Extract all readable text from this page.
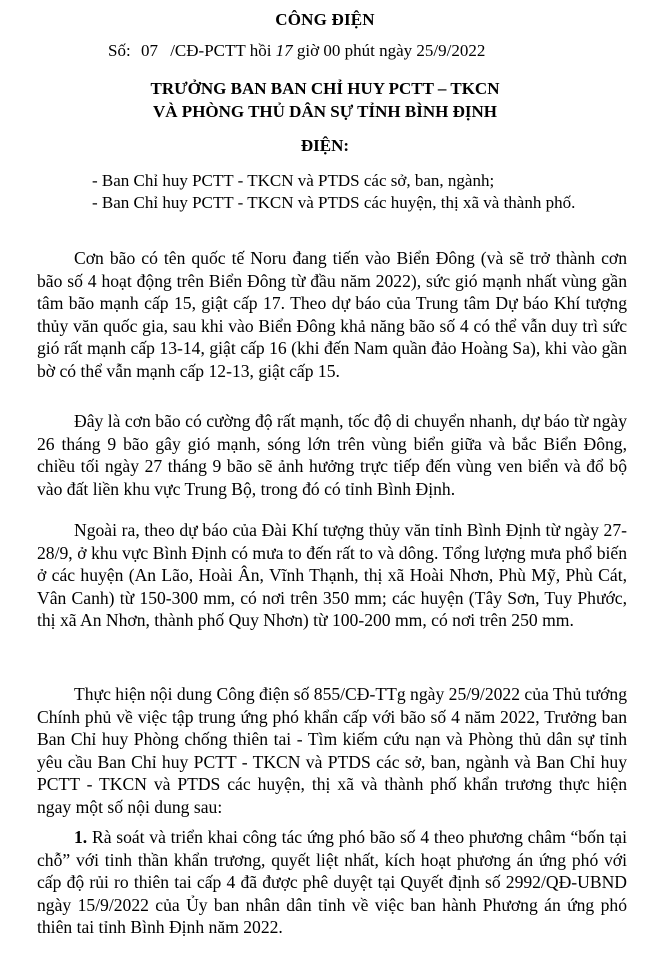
CÔNG ĐIỆN
Số: 07 /CĐ-PCTT hồi 17 giờ 00 phút ngày 25/9/2022
TRƯỞNG BAN BAN CHỈ HUY PCTT – TKCN
VÀ PHÒNG THỦ DÂN SỰ TỈNH BÌNH ĐỊNH
ĐIỆN:
- Ban Chỉ huy PCTT - TKCN và PTDS các sở, ban, ngành;
- Ban Chỉ huy PCTT - TKCN và PTDS các huyện, thị xã và thành phố.

Cơn bão có tên quốc tế Noru đang tiến vào Biển Đông (và sẽ trở thành cơn bão số 4 hoạt động trên Biển Đông từ đầu năm 2022), sức gió mạnh nhất vùng gần tâm bão mạnh cấp 15, giật cấp 17. Theo dự báo của Trung tâm Dự báo Khí tượng thủy văn quốc gia, sau khi vào Biển Đông khả năng bão số 4 có thể vẫn duy trì sức gió rất mạnh cấp 13-14, giật cấp 16 (khi đến Nam quần đảo Hoàng Sa), khi vào gần bờ có thể vẫn mạnh cấp 12-13, giật cấp 15.

Đây là cơn bão có cường độ rất mạnh, tốc độ di chuyển nhanh, dự báo từ ngày 26 tháng 9 bão gây gió mạnh, sóng lớn trên vùng biển giữa và bắc Biển Đông, chiều tối ngày 27 tháng 9 bão sẽ ảnh hưởng trực tiếp đến vùng ven biển và đổ bộ vào đất liền khu vực Trung Bộ, trong đó có tỉnh Bình Định.

Ngoài ra, theo dự báo của Đài Khí tượng thủy văn tỉnh Bình Định từ ngày 27-28/9, ở khu vực Bình Định có mưa to đến rất to và dông. Tổng lượng mưa phổ biến ở các huyện (An Lão, Hoài Ân, Vĩnh Thạnh, thị xã Hoài Nhơn, Phù Mỹ, Phù Cát, Vân Canh) từ 150-300 mm, có nơi trên 350 mm; các huyện (Tây Sơn, Tuy Phước, thị xã An Nhơn, thành phố Quy Nhơn) từ 100-200 mm, có nơi trên 250 mm.

Thực hiện nội dung Công điện số 855/CĐ-TTg ngày 25/9/2022 của Thủ tướng Chính phủ về việc tập trung ứng phó khẩn cấp với bão số 4 năm 2022, Trưởng ban Ban Chỉ huy Phòng chống thiên tai - Tìm kiếm cứu nạn và Phòng thủ dân sự tỉnh yêu cầu Ban Chỉ huy PCTT - TKCN và PTDS các sở, ban, ngành và Ban Chỉ huy PCTT - TKCN và PTDS các huyện, thị xã và thành phố khẩn trương thực hiện ngay một số nội dung sau:

1. Rà soát và triển khai công tác ứng phó bão số 4 theo phương châm “bốn tại chỗ” với tinh thần khẩn trương, quyết liệt nhất, kích hoạt phương án ứng phó với cấp độ rủi ro thiên tai cấp 4 đã được phê duyệt tại Quyết định số 2992/QĐ-UBND ngày 15/9/2022 của Ủy ban nhân dân tỉnh về việc ban hành Phương án ứng phó thiên tai tỉnh Bình Định năm 2022.
